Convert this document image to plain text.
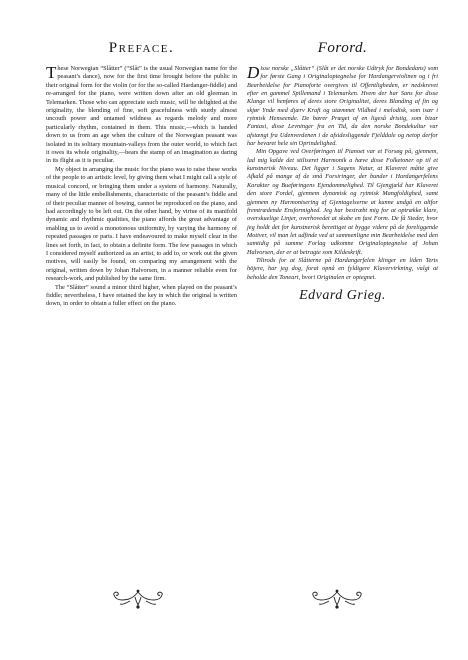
Preface.

These Norwegian “Slåtter” (“Slåt” is the usual Norwegian name for the peasant’s dance), now for the first time brought before the public in their original form for the violin (or for the so-called Hardanger-fiddle) and re-arranged for the piano, were written down after an old gleeman in Telemarken. Those who can appreciate such music, will be delighted at the originality, the blending of fine, soft gracefulness with sturdy almost uncouth power and untamed wildness as regards melody and more particularly rhythm, contained in them. This music,—which is handed down to us from an age when the culture of the Norwegian peasant was isolated in its solitary mountain-valleys from the outer world, to which fact it owes its whole originality,—bears the stamp of an imagination as daring in its flight as it is peculiar.

My object in arranging the music for the piano was to raise these works of the people to an artistic level, by giving them what I might call a style of musical concord, or bringing them under a system of harmony. Naturally, many of the little embellishments, characteristic of the peasant’s fiddle and of their peculiar manner of bowing, cannot be reproduced on the piano, and had accordingly to be left out. On the other hand, by virtue of its manifold dynamic and rhythmic qualities, the piano affords the great advantage of enabling us to avoid a monotonous uniformity, by varying the harmony of repeated passages or parts. I have endeavoured to make myself clear in the lines set forth, in fact, to obtain a definite form. The few passages in which I considered myself authorized as an artist, to add to, or work out the given motives, will easily be found, on comparing my arrangement with the original, written down by Johan Halvorsen, in a manner reliable even for research-work, and published by the same firm.

The “Slåtter” sound a minor third higher, when played on the peasant’s fiddle; nevertheless, I have retained the key in which the original is written down, in order to obtain a fuller effect on the piano.

Forord.

Disse norske „Slåtter“ (Slåt er det norske Udtryk for Bondedans) som for første Gang i Originaloptegnelse for Hardangerviolinen og i fri Bearbeidelse for Pianoforte overgives til Offentligheden, er nedskrevet efter en gammel Spillemand i Telemarken. Hvem der har Sans for disse Klange vil henføres af deres store Originalitet, deres Blanding af fin og skjør Ynde med djærv Kraft og utæmmet Vildhed i melodisk, som især i rytmisk Henseende. De bærer Præget af en ligeså dristig, som bizar Fantasi, disse Levninger fra en Tid, da den norske Bondekultur var afstængt fra Udenverdenen i de afsidesliggende Fjelddale og netop derfor har bevaret hele sin Oprindelighed.

Min Opgave ved Overføringen til Pianoet var et Forsøg på, gjennem, lad mig kalde det stiliseret Harmonik a hæve disse Folketoner op til et kunstnerisk Niveau. Det ligger i Sagens Natur, at Klaveret måtte give Afkald på mange af de små Forsiringer, der bunder i Hardangerfelens Karakter og Bueføringens Ejendommelighed. Til Gjengjæld har Klaveret den store Fordel, gjennem dynamisk og rytmisk Mangfoldighed, samt gjennem ny Harmonisering af Gjentagelserne at kunne undgå en altfor fremtrædende Ensformighed. Jeg har bestræbt mig for at optrække klare, overskuelige Linjer, overhovedet at skabe en fast Form. De få Steder, hvor jeg holdt det for kunstnerisk berettiget at bygge videre på de foreliggende Motiver, vil man let udfinde ved at sammenligne min Bearbeidelse med den samtidig på samme Forlag udkomne Originaloptegnelse af Johan Halvorsen, der er at betragte som Kildeskrift.

Tiltrods for at Slåtterne på Hardangerfelen klinger en liden Terts höjere, har jeg dog, forat opnå en fyldigere Klavervirkning, valgt at beholde den Toneart, hvori Originalen er optegnet.

Edvard Grieg.
